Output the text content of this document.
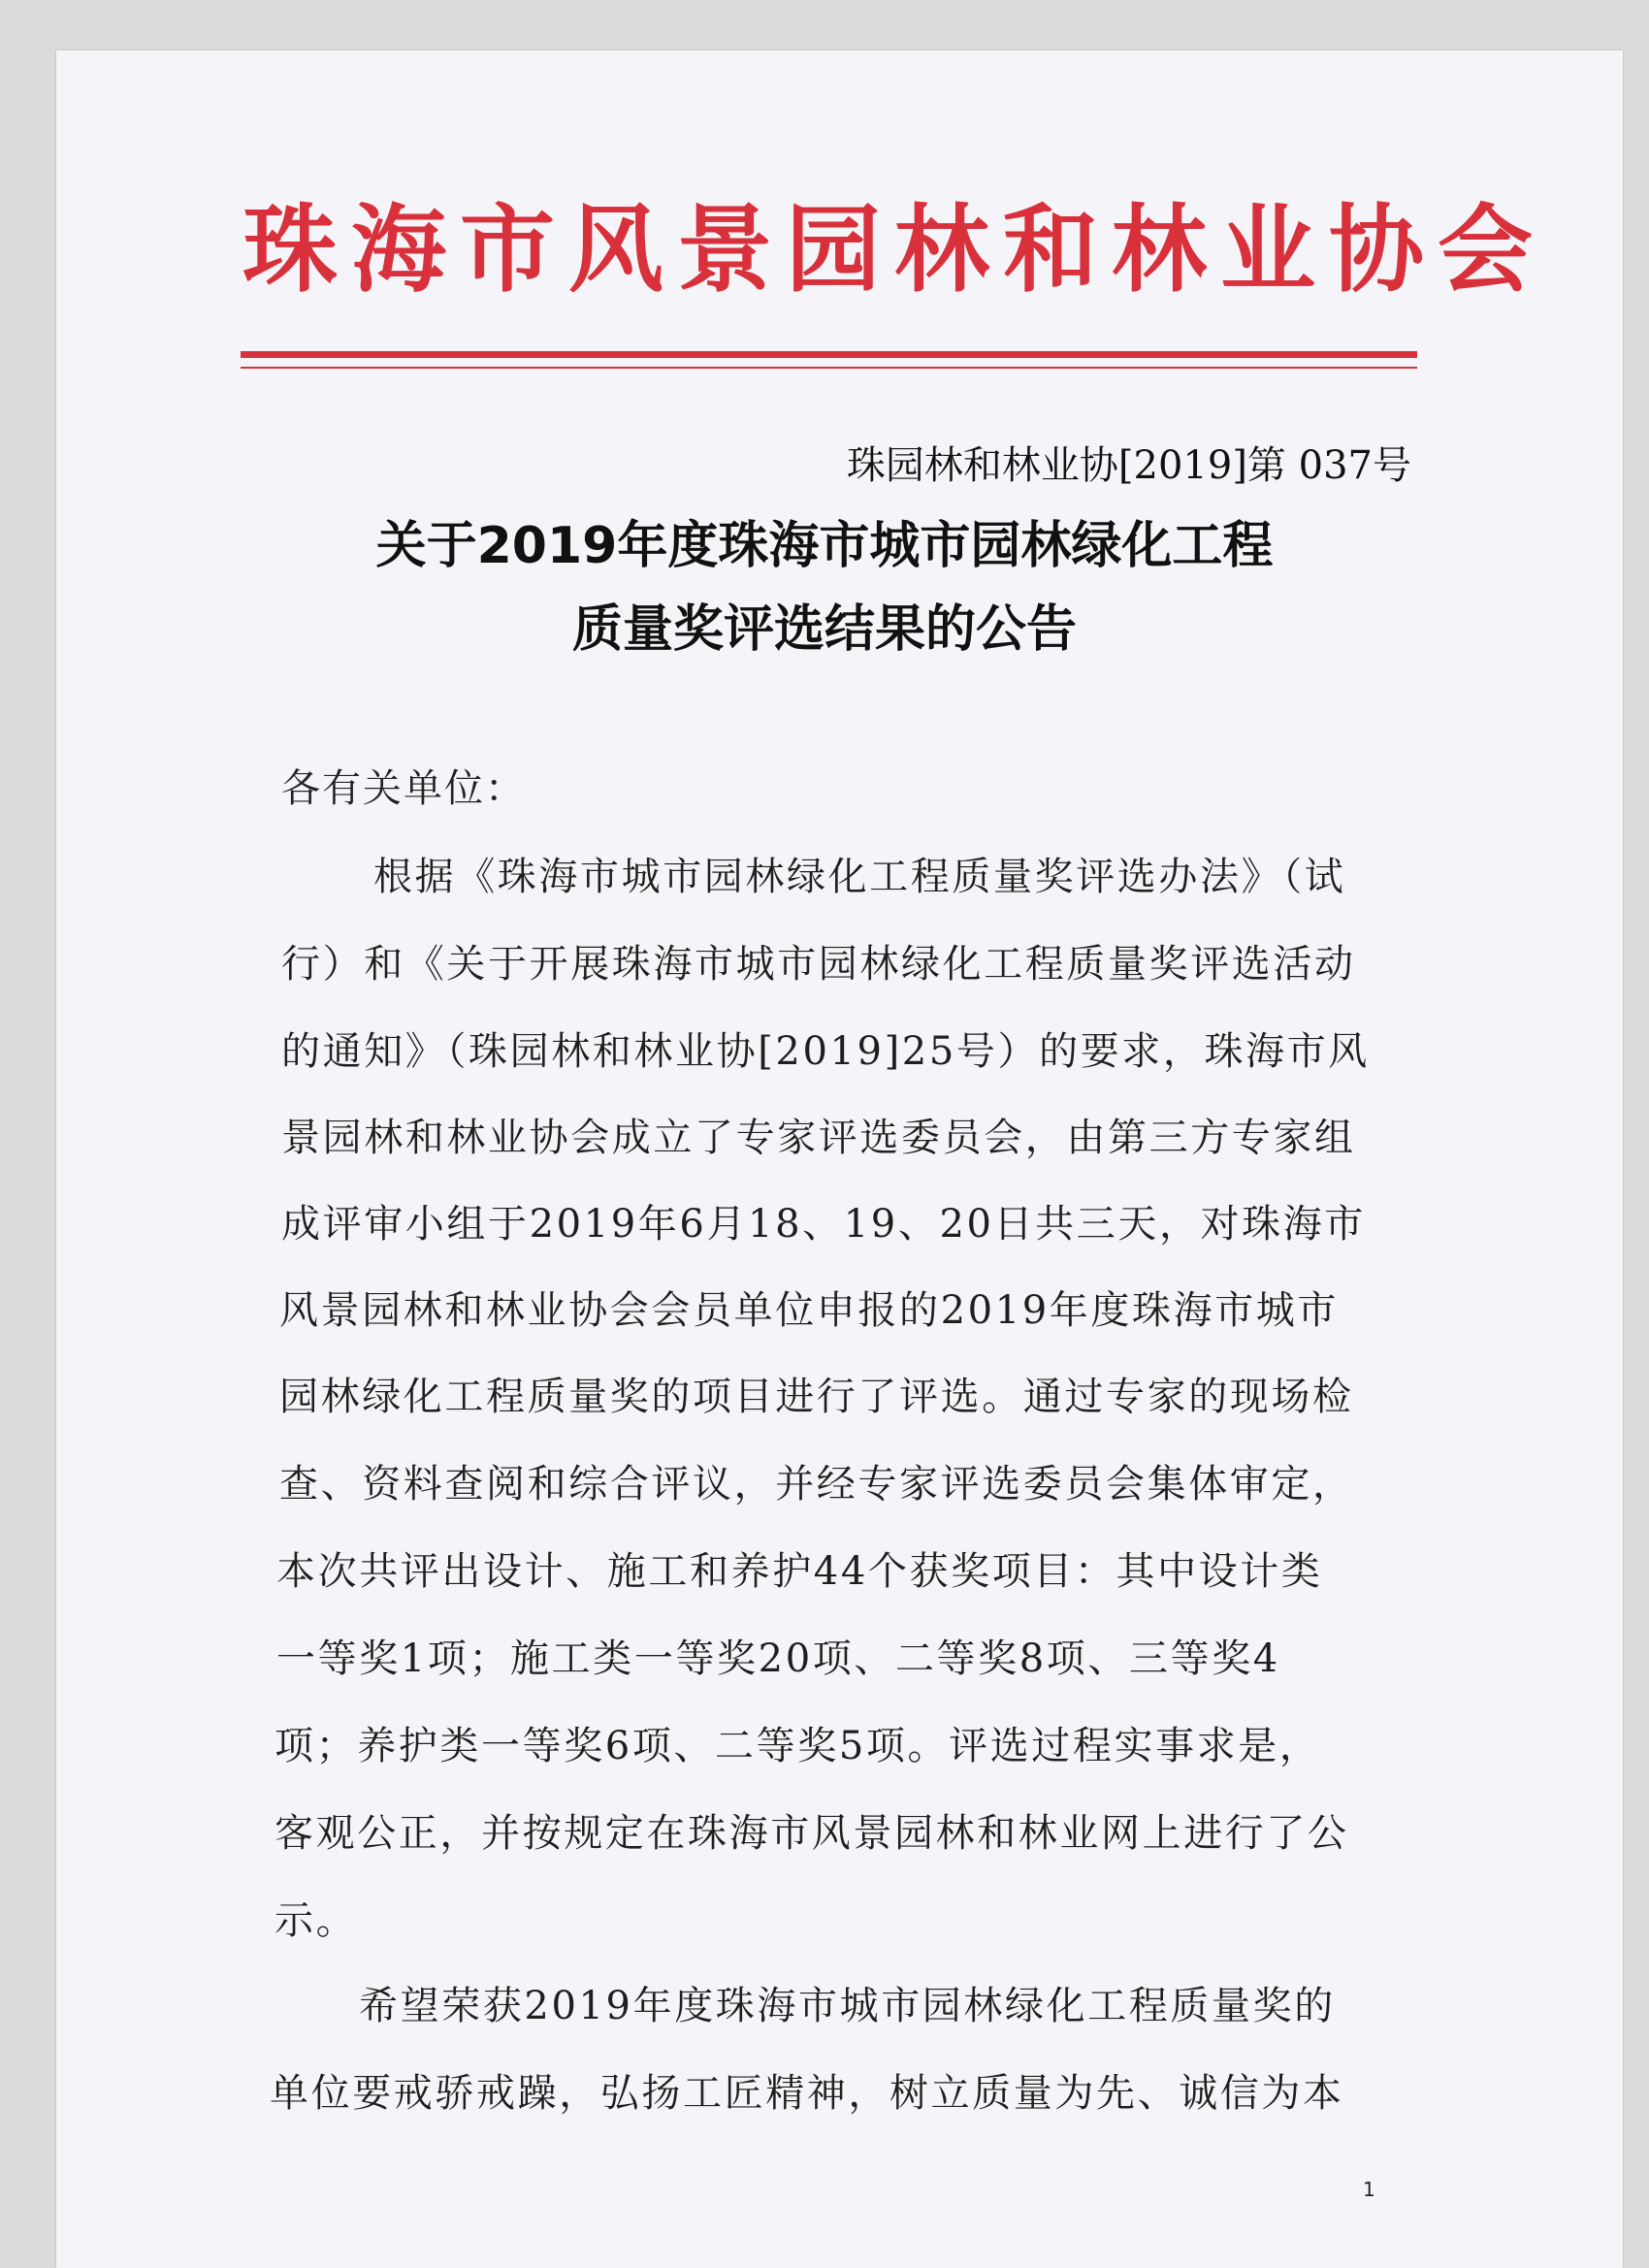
珠海市风景园林和林业协会
珠园林和林业协[2019]第 037号
关于2019年度珠海市城市园林绿化工程
质量奖评选结果的公告
各有关单位：
根据《珠海市城市园林绿化工程质量奖评选办法》（试
行）和《关于开展珠海市城市园林绿化工程质量奖评选活动
的通知》（珠园林和林业协[2019]25号）的要求，珠海市风
景园林和林业协会成立了专家评选委员会，由第三方专家组
成评审小组于2019年6月18、19、20日共三天，对珠海市
风景园林和林业协会会员单位申报的2019年度珠海市城市
园林绿化工程质量奖的项目进行了评选。通过专家的现场检
查、资料查阅和综合评议，并经专家评选委员会集体审定，
本次共评出设计、施工和养护44个获奖项目：其中设计类
一等奖1项；施工类一等奖20项、二等奖8项、三等奖4
项；养护类一等奖6项、二等奖5项。评选过程实事求是，
客观公正，并按规定在珠海市风景园林和林业网上进行了公
示。
希望荣获2019年度珠海市城市园林绿化工程质量奖的
单位要戒骄戒躁，弘扬工匠精神，树立质量为先、诚信为本
1
